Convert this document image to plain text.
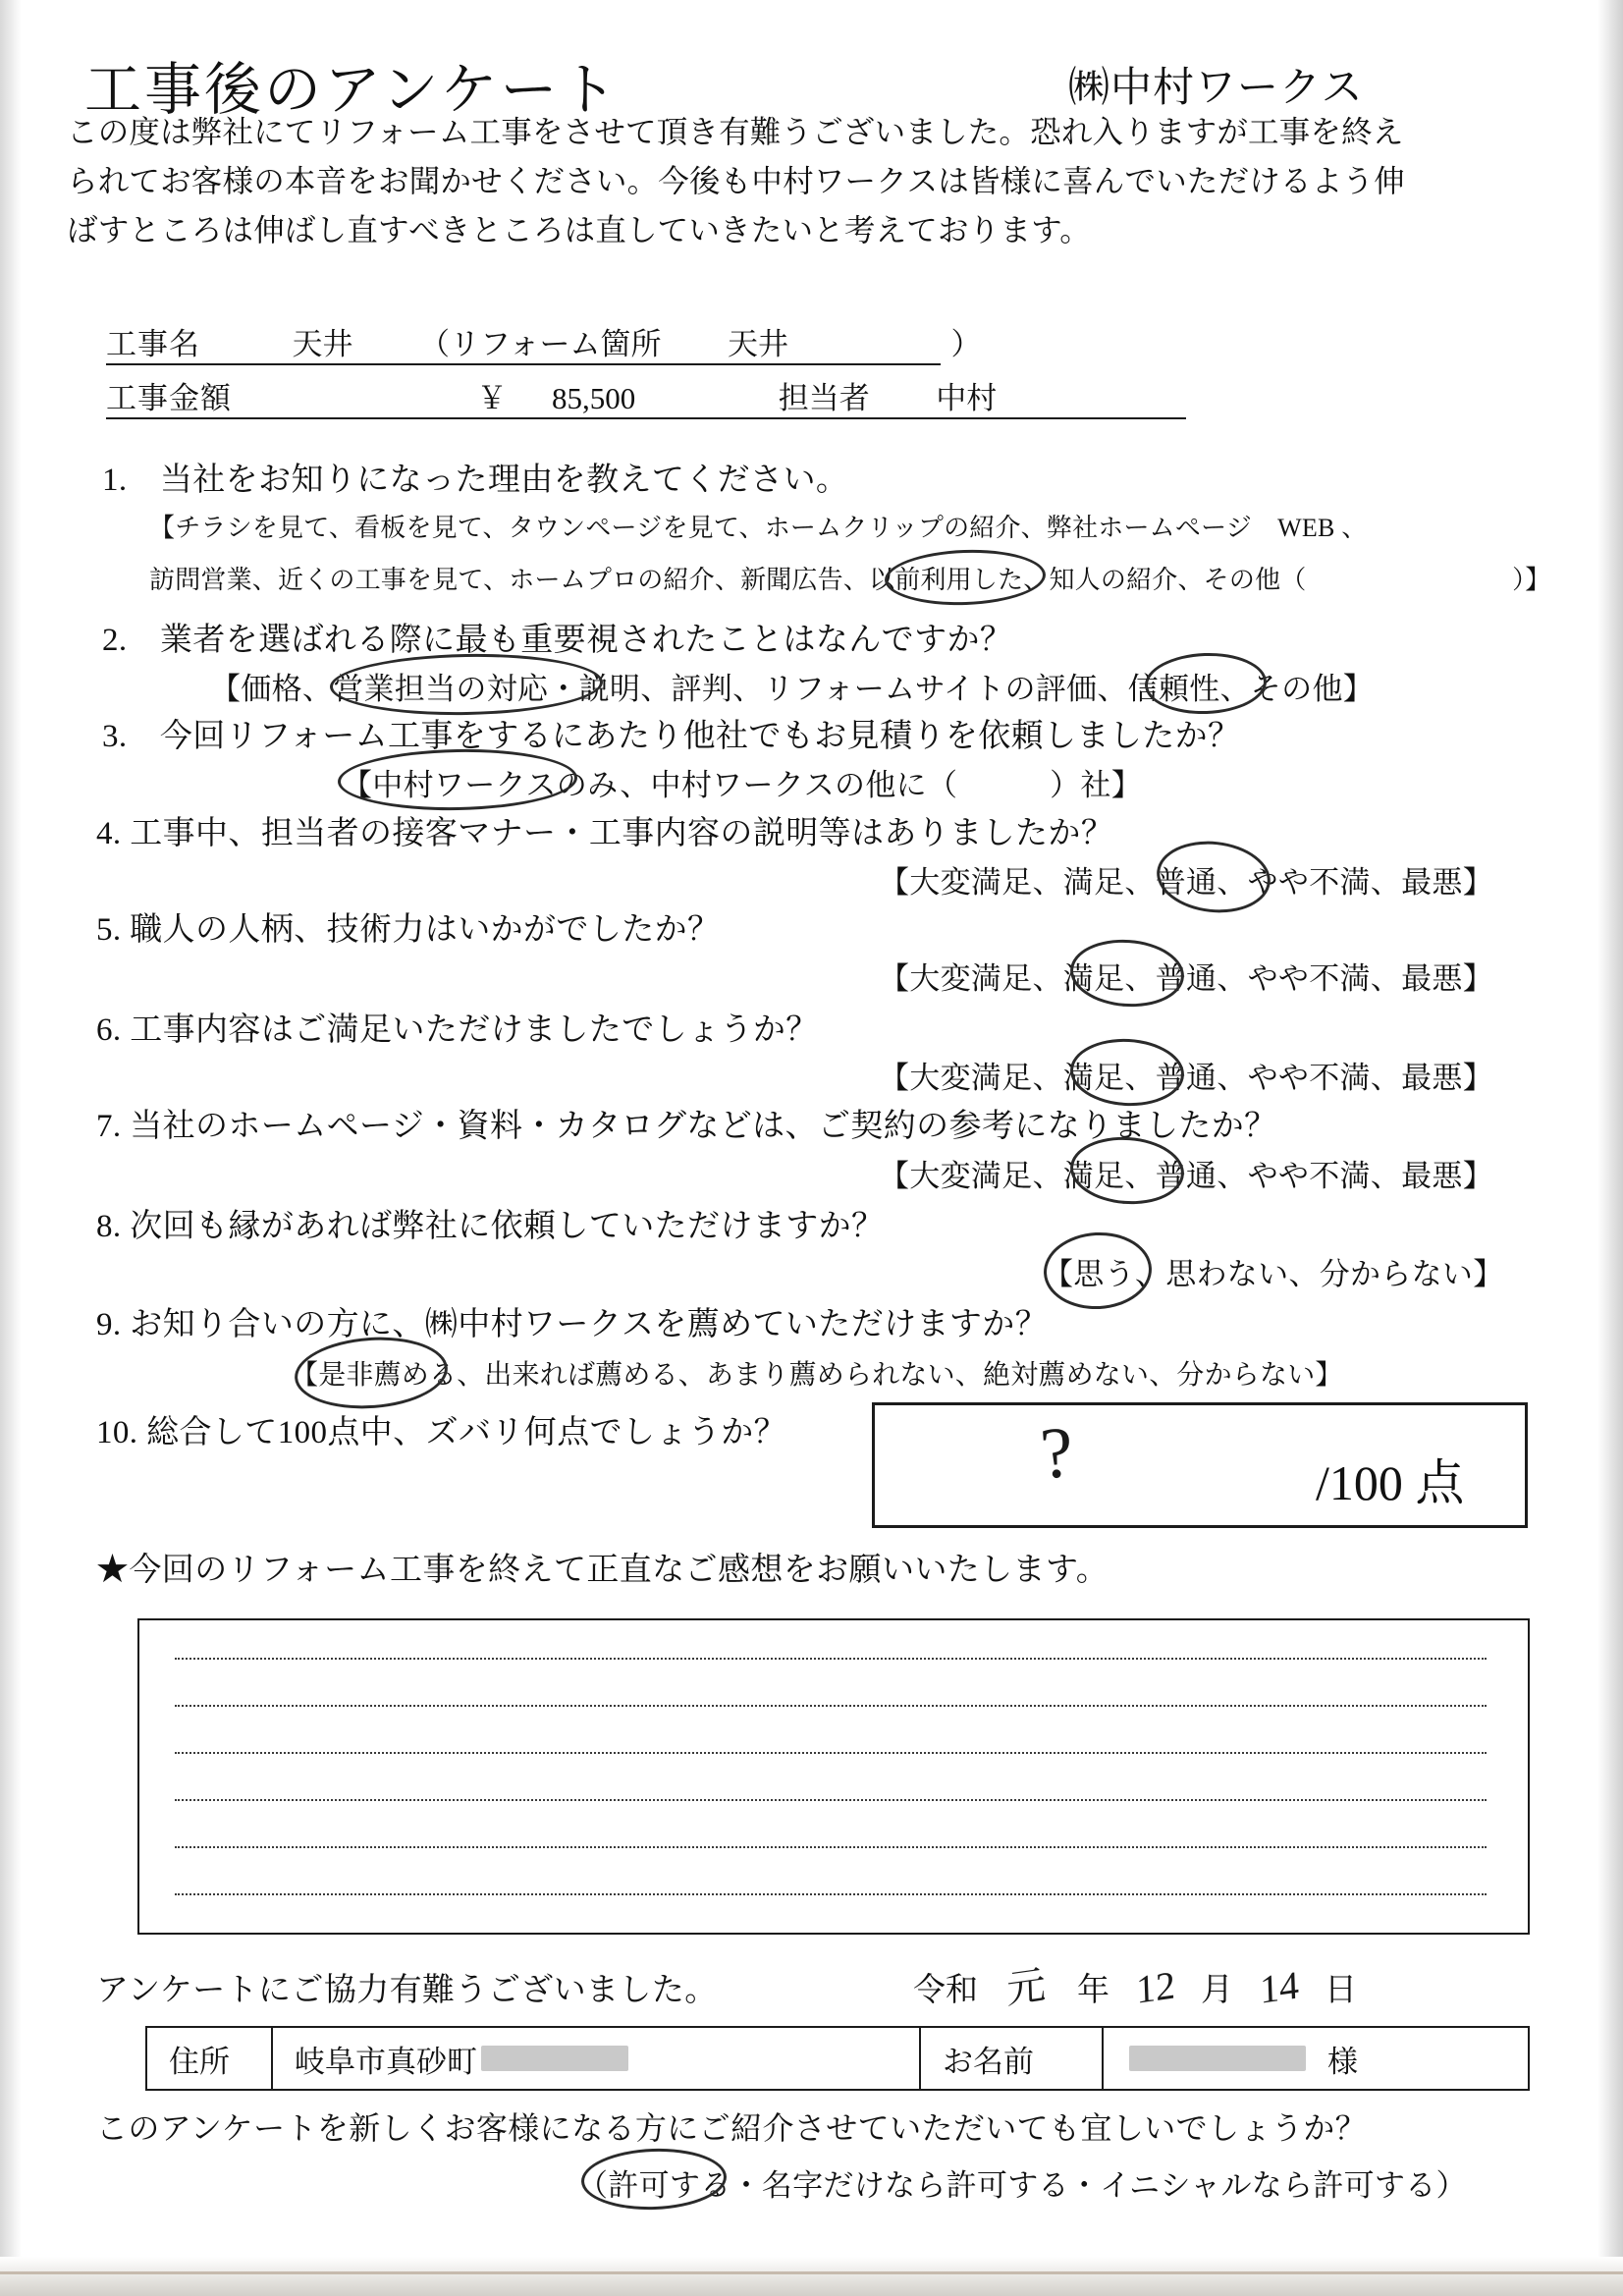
工事後のアンケート	㈱中村ワークス
この度は弊社にてリフォーム工事をさせて頂き有難うございました。恐れ入りますが工事を終え
られてお客様の本音をお聞かせください。今後も中村ワークスは皆様に喜んでいただけるよう伸
ばすところは伸ばし直すべきところは直していきたいと考えております。
工事名	天井 （リフォーム箇所 天井	）
工事金額	￥ 85,500	担当者 中村
1. 当社をお知りになった理由を教えてください。
【チラシを見て、看板を見て、タウンページを見て、ホームクリップの紹介、弊社ホームページ　WEB 、
訪問営業、近くの工事を見て、ホームプロの紹介、新聞広告、以前利用した、知人の紹介、その他（　　　　　　　　）】
2. 業者を選ばれる際に最も重要視されたことはなんですか？
【価格、営業担当の対応・説明、評判、リフォームサイトの評価、信頼性、その他】
3. 今回リフォーム工事をするにあたり他社でもお見積りを依頼しましたか？
【中村ワークスのみ、中村ワークスの他に（　　　）社】
4. 工事中、担当者の接客マナー・工事内容の説明等はありましたか？
【大変満足、満足、普通、やや不満、最悪】
5. 職人の人柄、技術力はいかがでしたか？
【大変満足、満足、普通、やや不満、最悪】
6. 工事内容はご満足いただけましたでしょうか？
【大変満足、満足、普通、やや不満、最悪】
7. 当社のホームページ・資料・カタログなどは、ご契約の参考になりましたか？
【大変満足、満足、普通、やや不満、最悪】
8. 次回も縁があれば弊社に依頼していただけますか？
【思う、思わない、分からない】
9. お知り合いの方に、㈱中村ワークスを薦めていただけますか？
【是非薦める、出来れば薦める、あまり薦められない、絶対薦めない、分からない】
10. 総合して100点中、ズバリ何点でしょうか？	?	/100 点
★今回のリフォーム工事を終えて正直なご感想をお願いいたします。
アンケートにご協力有難うございました。	令和 元 年 12 月 14 日
住所	岐阜市真砂町	お名前	様
このアンケートを新しくお客様になる方にご紹介させていただいても宜しいでしょうか？
（許可する・名字だけなら許可する・イニシャルなら許可する）
